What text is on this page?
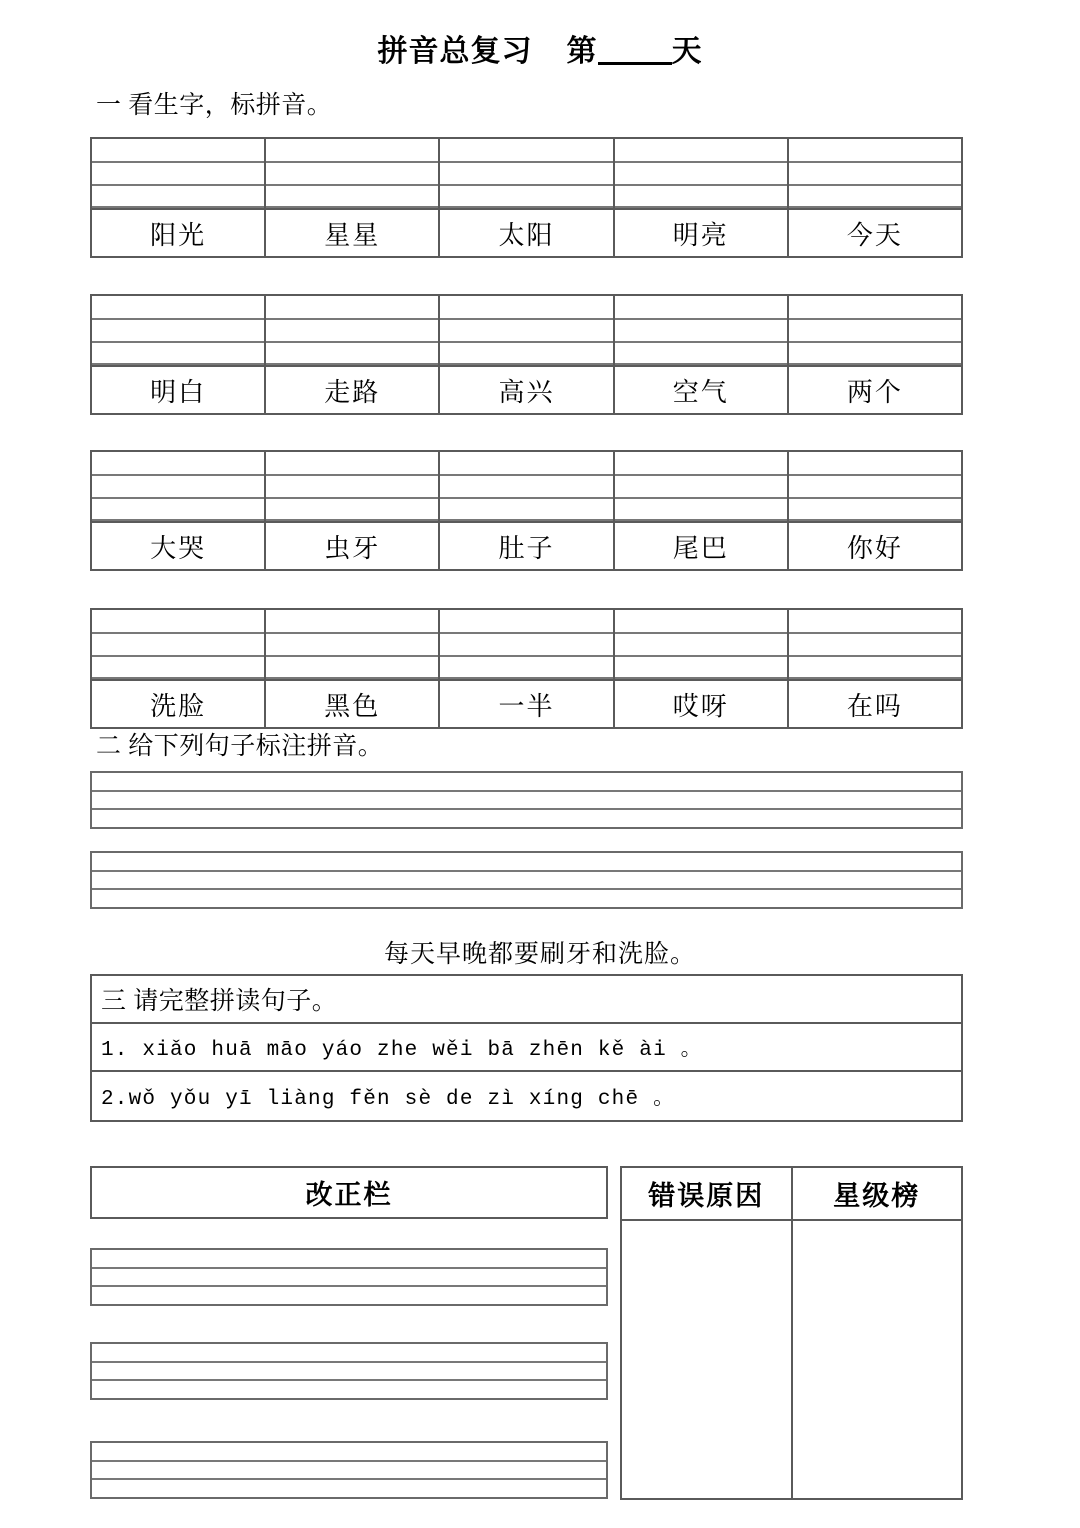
拼音总复习 第 天
一 看生字，标拼音。
阳光	星星	太阳	明亮	今天
明白	走路	高兴	空气	两个
大哭	虫牙	肚子	尾巴	你好
洗脸	黑色	一半	哎呀	在吗
二 给下列句子标注拼音。
每天早晚都要刷牙和洗脸。
三 请完整拼读句子。
1. xiǎo huā māo yáo zhe wěi bā zhēn kě ài 。
2.wǒ yǒu yī liàng fěn sè de zì xíng chē 。
改正栏	错误原因	星级榜
